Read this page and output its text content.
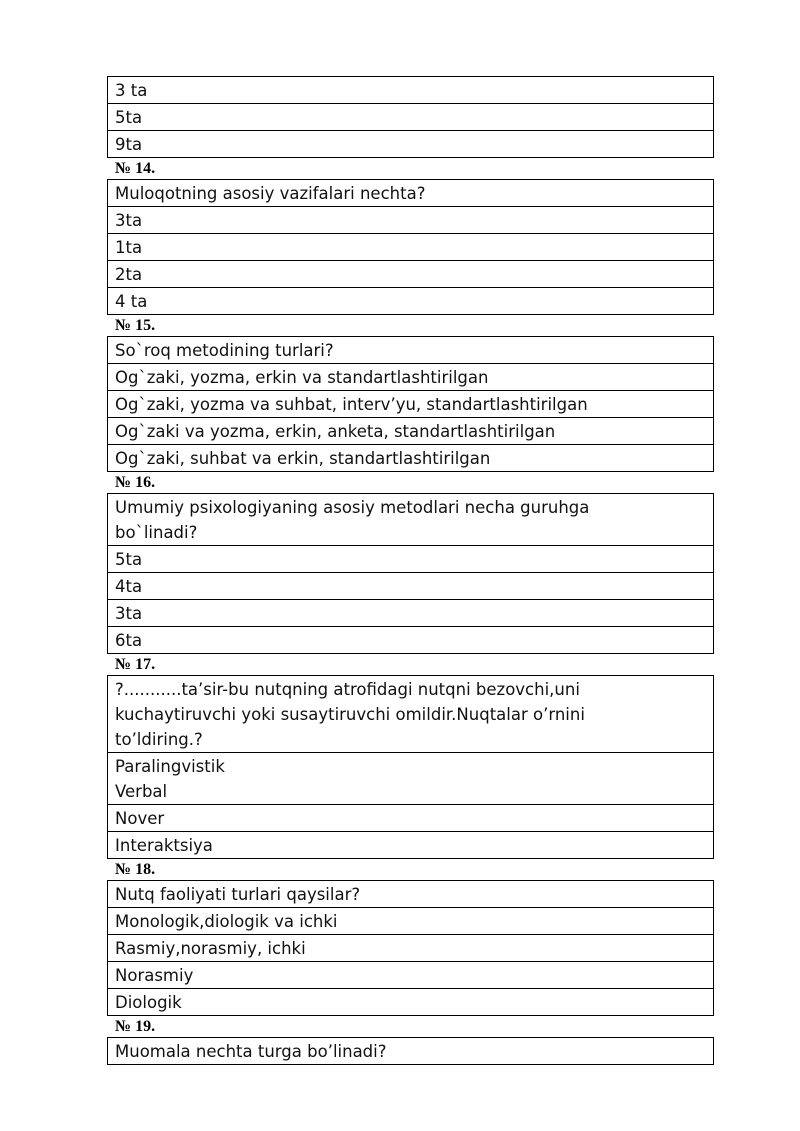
3 ta
5ta
9ta
№ 14.
Muloqotning asosiy vazifalari nechta?
3ta
1ta
2ta
4 ta
№ 15.
So`roq metodining turlari?
Og`zaki, yozma, erkin va standartlashtirilgan
Og`zaki, yozma va suhbat, interv’yu, standartlashtirilgan
Og`zaki va yozma, erkin, anketa, standartlashtirilgan
Og`zaki, suhbat va erkin, standartlashtirilgan
№ 16.
Umumiy psixologiyaning asosiy metodlari necha guruhga
bo`linadi?
5ta
4ta
3ta
6ta
№ 17.
?...........ta’sir-bu nutqning atrofidagi nutqni bezovchi,uni
kuchaytiruvchi yoki susaytiruvchi omildir.Nuqtalar o’rnini
to’ldiring.?
Paralingvistik
Verbal
Nover
Interaktsiya
№ 18.
Nutq faoliyati turlari qaysilar?
Monologik,diologik va ichki
Rasmiy,norasmiy, ichki
Norasmiy
Diologik
№ 19.
Muomala nechta turga bo’linadi?
